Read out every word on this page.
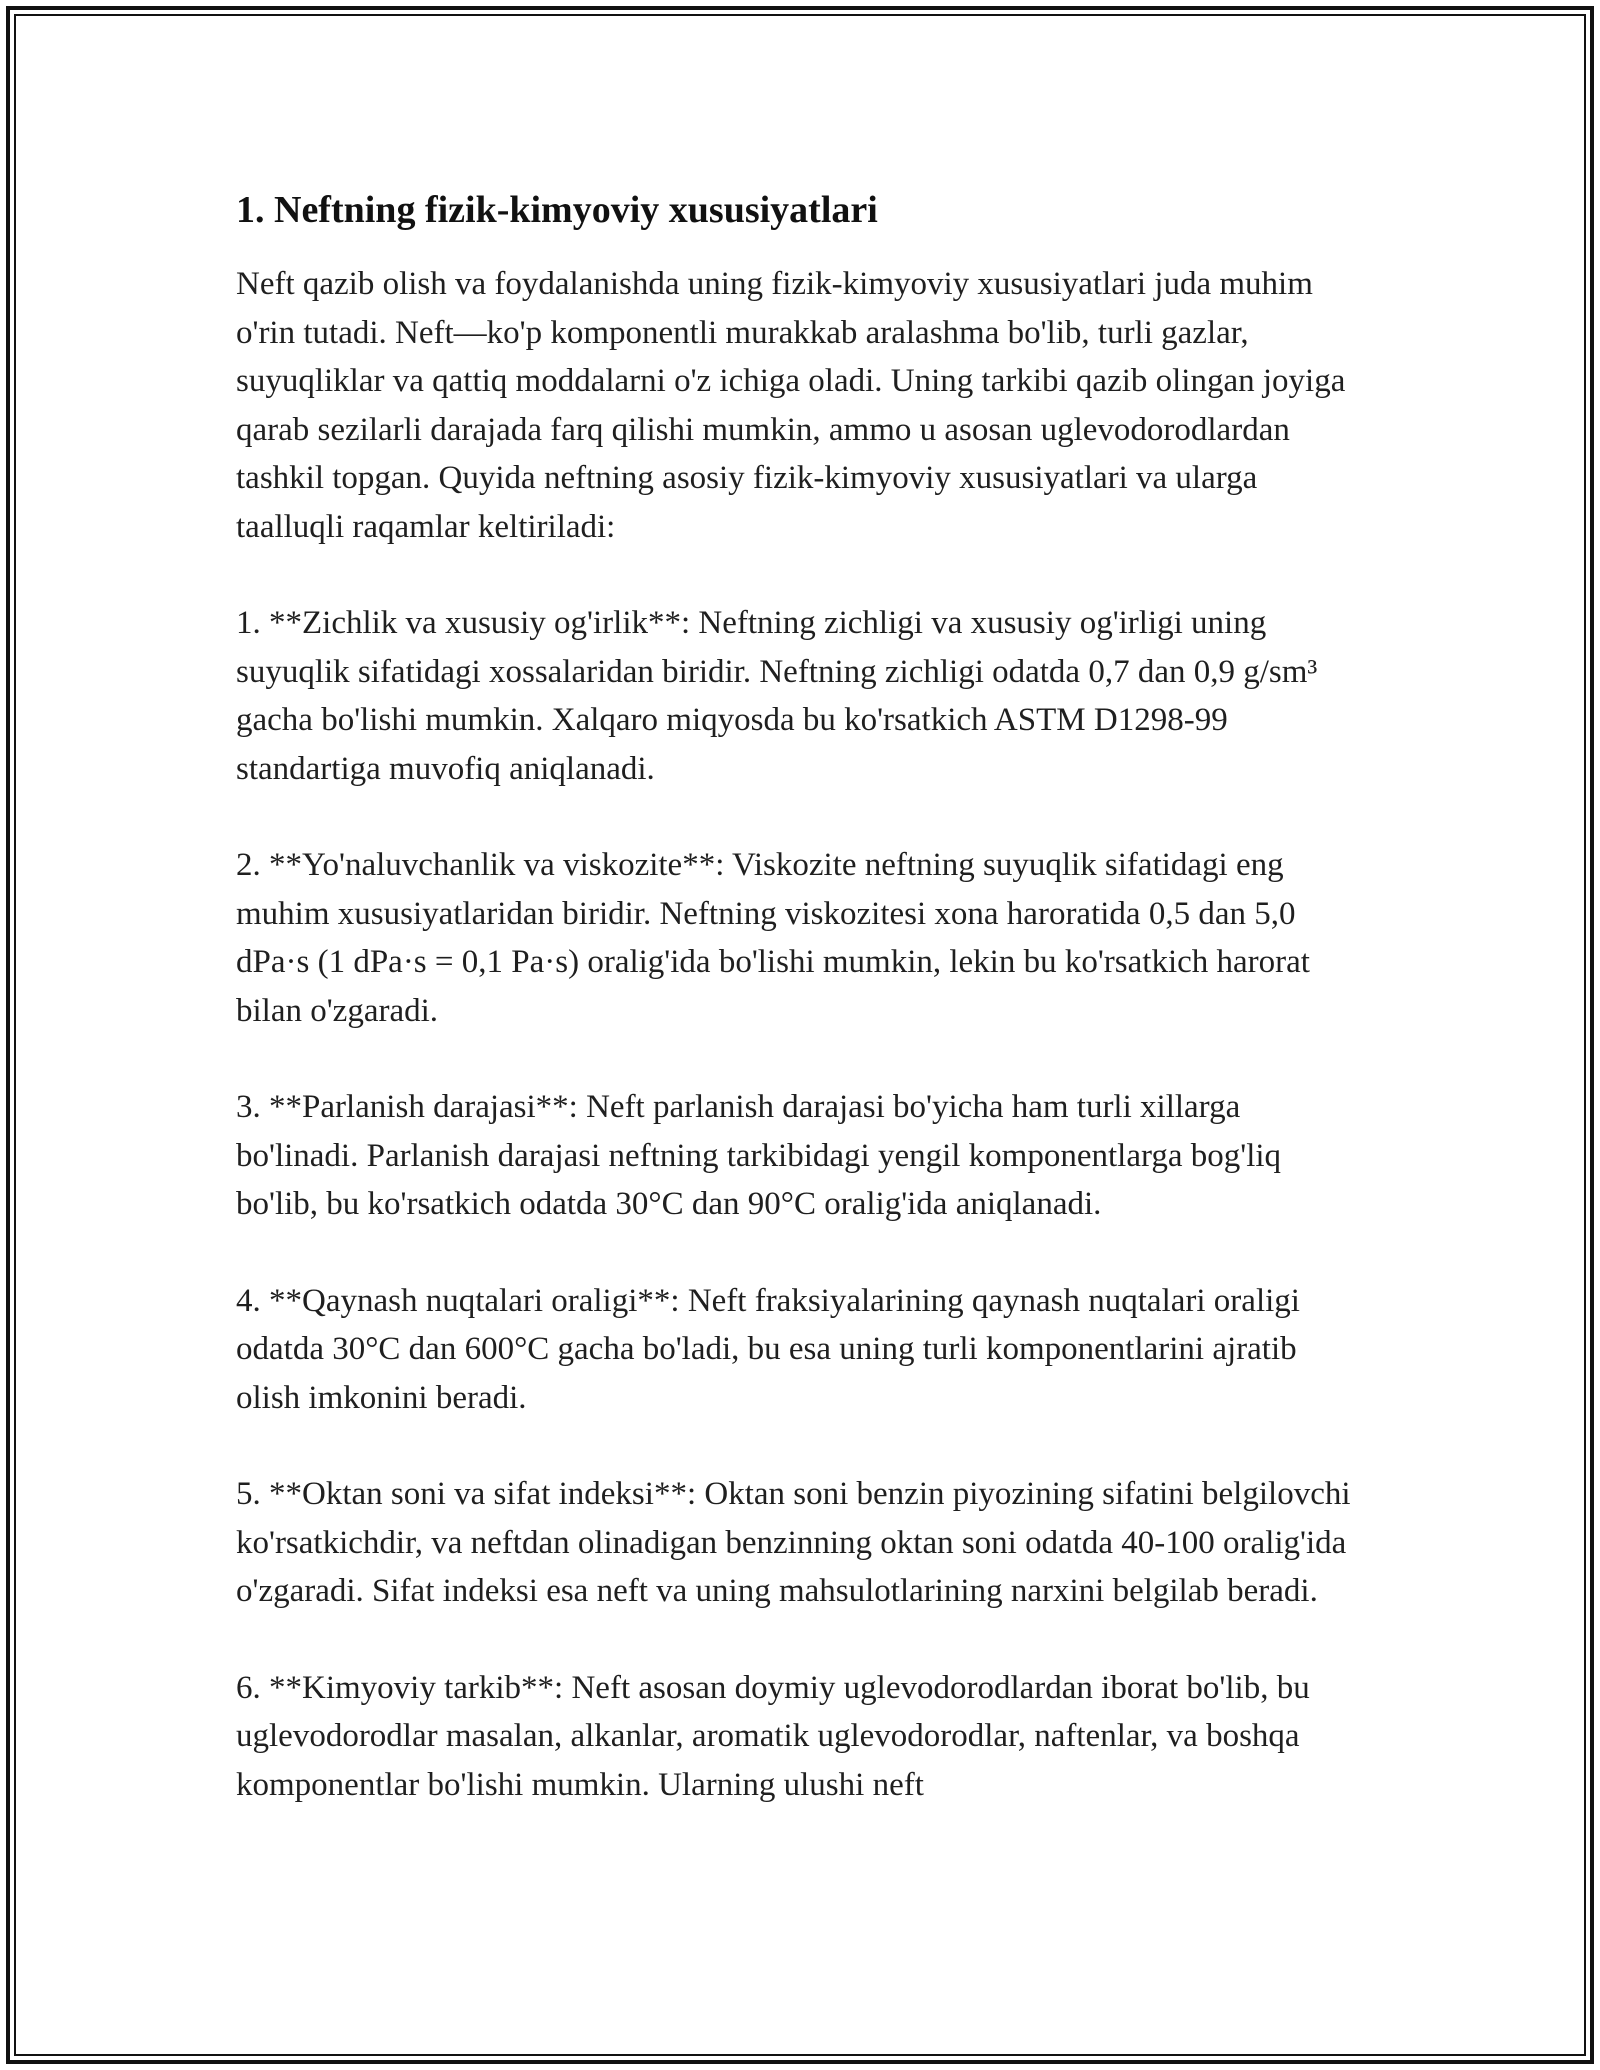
1. Neftning fizik-kimyoviy xususiyatlari

Neft qazib olish va foydalanishda uning fizik-kimyoviy xususiyatlari juda muhim o'rin tutadi. Neft—ko'p komponentli murakkab aralashma bo'lib, turli gazlar, suyuqliklar va qattiq moddalarni o'z ichiga oladi. Uning tarkibi qazib olingan joyiga qarab sezilarli darajada farq qilishi mumkin, ammo u asosan uglevodorodlardan tashkil topgan. Quyida neftning asosiy fizik-kimyoviy xususiyatlari va ularga taalluqli raqamlar keltiriladi:

1. **Zichlik va xususiy og'irlik**: Neftning zichligi va xususiy og'irligi uning suyuqlik sifatidagi xossalaridan biridir. Neftning zichligi odatda 0,7 dan 0,9 g/sm³ gacha bo'lishi mumkin. Xalqaro miqyosda bu ko'rsatkich ASTM D1298-99 standartiga muvofiq aniqlanadi.

2. **Yo'naluvchanlik va viskozite**: Viskozite neftning suyuqlik sifatidagi eng muhim xususiyatlaridan biridir. Neftning viskozitesi xona haroratida 0,5 dan 5,0 dPa·s (1 dPa·s = 0,1 Pa·s) oralig'ida bo'lishi mumkin, lekin bu ko'rsatkich harorat bilan o'zgaradi.

3. **Parlanish darajasi**: Neft parlanish darajasi bo'yicha ham turli xillarga bo'linadi. Parlanish darajasi neftning tarkibidagi yengil komponentlarga bog'liq bo'lib, bu ko'rsatkich odatda 30°C dan 90°C oralig'ida aniqlanadi.

4. **Qaynash nuqtalari oraligi**: Neft fraksiyalarining qaynash nuqtalari oraligi odatda 30°C dan 600°C gacha bo'ladi, bu esa uning turli komponentlarini ajratib olish imkonini beradi.

5. **Oktan soni va sifat indeksi**: Oktan soni benzin piyozining sifatini belgilovchi ko'rsatkichdir, va neftdan olinadigan benzinning oktan soni odatda 40-100 oralig'ida o'zgaradi. Sifat indeksi esa neft va uning mahsulotlarining narxini belgilab beradi.

6. **Kimyoviy tarkib**: Neft asosan doymiy uglevodorodlardan iborat bo'lib, bu uglevodorodlar masalan, alkanlar, aromatik uglevodorodlar, naftenlar, va boshqa komponentlar bo'lishi mumkin. Ularning ulushi neft
